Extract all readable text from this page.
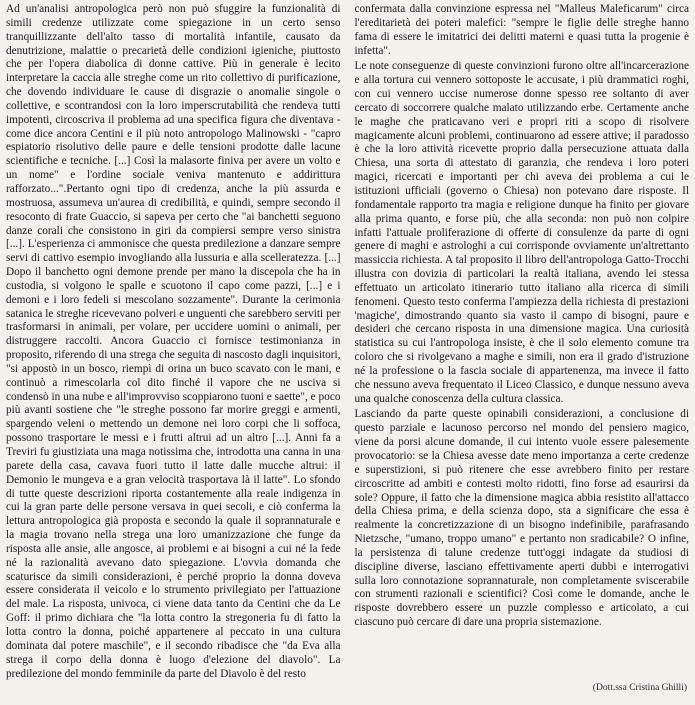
Ad un'analisi antropologica però non può sfuggire la funzionalità di simili credenze utilizzate come spiegazione in un certo senso tranquillizzante dell'alto tasso di mortalità infantile, causato da denutrizione, malattie o precarietà delle condizioni igieniche, piuttosto che per l'opera diabolica di donne cattive. Più in generale è lecito interpretare la caccia alle streghe come un rito collettivo di purificazione, che dovendo individuare le cause di disgrazie o anomalie singole o collettive, e scontrandosi con la loro imperscrutabilità che rendeva tutti impotenti, circoscriva il problema ad una specifica figura che diventava - come dice ancora Centini e il più noto antropologo Malinowski - "capro espiatorio risolutivo delle paure e delle tensioni prodotte dalle lacune scientifiche e tecniche. [...] Così la malasorte finiva per avere un volto e un nome" e l'ordine sociale veniva mantenuto e addirittura rafforzato...".Pertanto ogni tipo di credenza, anche la più assurda e mostruosa, assumeva un'aurea di credibilità, e quindi, sempre secondo il resoconto di frate Guaccio, si sapeva per certo che "ai banchetti seguono danze corali che consistono in giri da compiersi sempre verso sinistra [...]. L'esperienza ci ammonisce che questa predilezione a danzare sempre servi di cattivo esempio invogliando alla lussuria e alla scelleratezza. [...] Dopo il banchetto ogni demone prende per mano la discepola che ha in custodia, si volgono le spalle e scuotono il capo come pazzi, [...] e i demoni e i loro fedeli si mescolano sozzamente". Durante la cerimonia satanica le streghe ricevevano polveri e unguenti che sarebbero serviti per trasformarsi in animali, per volare, per uccidere uomini o animali, per distruggere raccolti. Ancora Guaccio ci fornisce testimonianza in proposito, riferendo di una strega che seguita di nascosto dagli inquisitori, "si appostò in un bosco, riempì di orina un buco scavato con le mani, e continuò a rimescolarla col dito finché il vapore che ne usciva si condensò in una nube e all'improvviso scoppiarono tuoni e saette", e poco più avanti sostiene che "le streghe possono far morire greggi e armenti, spargendo veleni o mettendo un demone nei loro corpi che li soffoca, possono trasportare le messi e i frutti altrui ad un altro [...]. Anni fa a Treviri fu giustiziata una maga notissima che, introdotta una canna in una parete della casa, cavava fuori tutto il latte dalle mucche altrui: il Demonio le mungeva e a gran velocità trasportava là il latte". Lo sfondo di tutte queste descrizioni riporta costantemente alla reale indigenza in cui la gran parte delle persone versava in quei secoli, e ciò conferma la lettura antropologica già proposta e secondo la quale il soprannaturale e la magia trovano nella strega una loro umanizzazione che funge da risposta alle ansie, alle angosce, ai problemi e ai bisogni a cui né la fede né la razionalità avevano dato spiegazione. L'ovvia domanda che scaturisce da simili considerazioni, è perché proprio la donna doveva essere considerata il veicolo e lo strumento privilegiato per l'attuazione del male. La risposta, univoca, ci viene data tanto da Centini che da Le Goff: il primo dichiara che "la lotta contro la stregoneria fu di fatto la lotta contro la donna, poiché appartenere al peccato in una cultura dominata dal potere maschile", e il secondo ribadisce che "da Eva alla strega il corpo della donna è luogo d'elezione del diavolo". La predilezione del mondo femminile da parte del Diavolo è del resto

confermata dalla convinzione espressa nel "Malleus Maleficarum" circa l'ereditarietà dei poteri malefici: "sempre le figlie delle streghe hanno fama di essere le imitatrici dei delitti materni e quasi tutta la progenie è infetta".

Le note conseguenze di queste convinzioni furono oltre all'incarcerazione e alla tortura cui vennero sottoposte le accusate, i più drammatici roghi, con cui vennero uccise numerose donne spesso ree soltanto di aver cercato di soccorrere qualche malato utilizzando erbe. Certamente anche le maghe che praticavano veri e propri riti a scopo di risolvere magicamente alcuni problemi, continuarono ad essere attive; il paradosso è che la loro attività ricevette proprio dalla persecuzione attuata dalla Chiesa, una sorta di attestato di garanzia, che rendeva i loro poteri magici, ricercati e importanti per chi aveva dei problema a cui le istituzioni ufficiali (governo o Chiesa) non potevano dare risposte. Il fondamentale rapporto tra magia e religione dunque ha finito per giovare alla prima quanto, e forse più, che alla seconda: non può non colpire infatti l'attuale proliferazione di offerte di consulenze da parte di ogni genere di maghi e astrologhi a cui corrisponde ovviamente un'altrettanto massiccia richiesta. A tal proposito il libro dell'antropologa Gatto-Trocchi illustra con dovizia di particolari la realtà italiana, avendo lei stessa effettuato un articolato itinerario tutto italiano alla ricerca di simili fenomeni. Questo testo conferma l'ampiezza della richiesta di prestazioni 'magiche', dimostrando quanto sia vasto il campo di bisogni, paure e desideri che cercano risposta in una dimensione magica. Una curiosità statistica su cui l'antropologa insiste, è che il solo elemento comune tra coloro che si rivolgevano a maghe e simili, non era il grado d'istruzione né la professione o la fascia sociale di appartenenza, ma invece il fatto che nessuno aveva frequentato il Liceo Classico, e dunque nessuno aveva una qualche conoscenza della cultura classica.

Lasciando da parte queste opinabili considerazioni, a conclusione di questo parziale e lacunoso percorso nel mondo del pensiero magico, viene da porsi alcune domande, il cui intento vuole essere palesemente provocatorio: se la Chiesa avesse date meno importanza a certe credenze e superstizioni, si può ritenere che esse avrebbero finito per restare circoscritte ad ambiti e contesti molto ridotti, fino forse ad esaurirsi da sole? Oppure, il fatto che la dimensione magica abbia resistito all'attacco della Chiesa prima, e della scienza dopo, sta a significare che essa è realmente la concretizzazione di un bisogno indefinibile, parafrasando Nietzsche, "umano, troppo umano" e pertanto non sradicabile? O infine, la persistenza di talune credenze tutt'oggi indagate da studiosi di discipline diverse, lasciano effettivamente aperti dubbi e interrogativi sulla loro connotazione soprannaturale, non completamente sviscerabile con strumenti razionali e scientifici? Così come le domande, anche le risposte dovrebbero essere un puzzle complesso e articolato, a cui ciascuno può cercare di dare una propria sistemazione.

(Dott.ssa Cristina Ghilli)
